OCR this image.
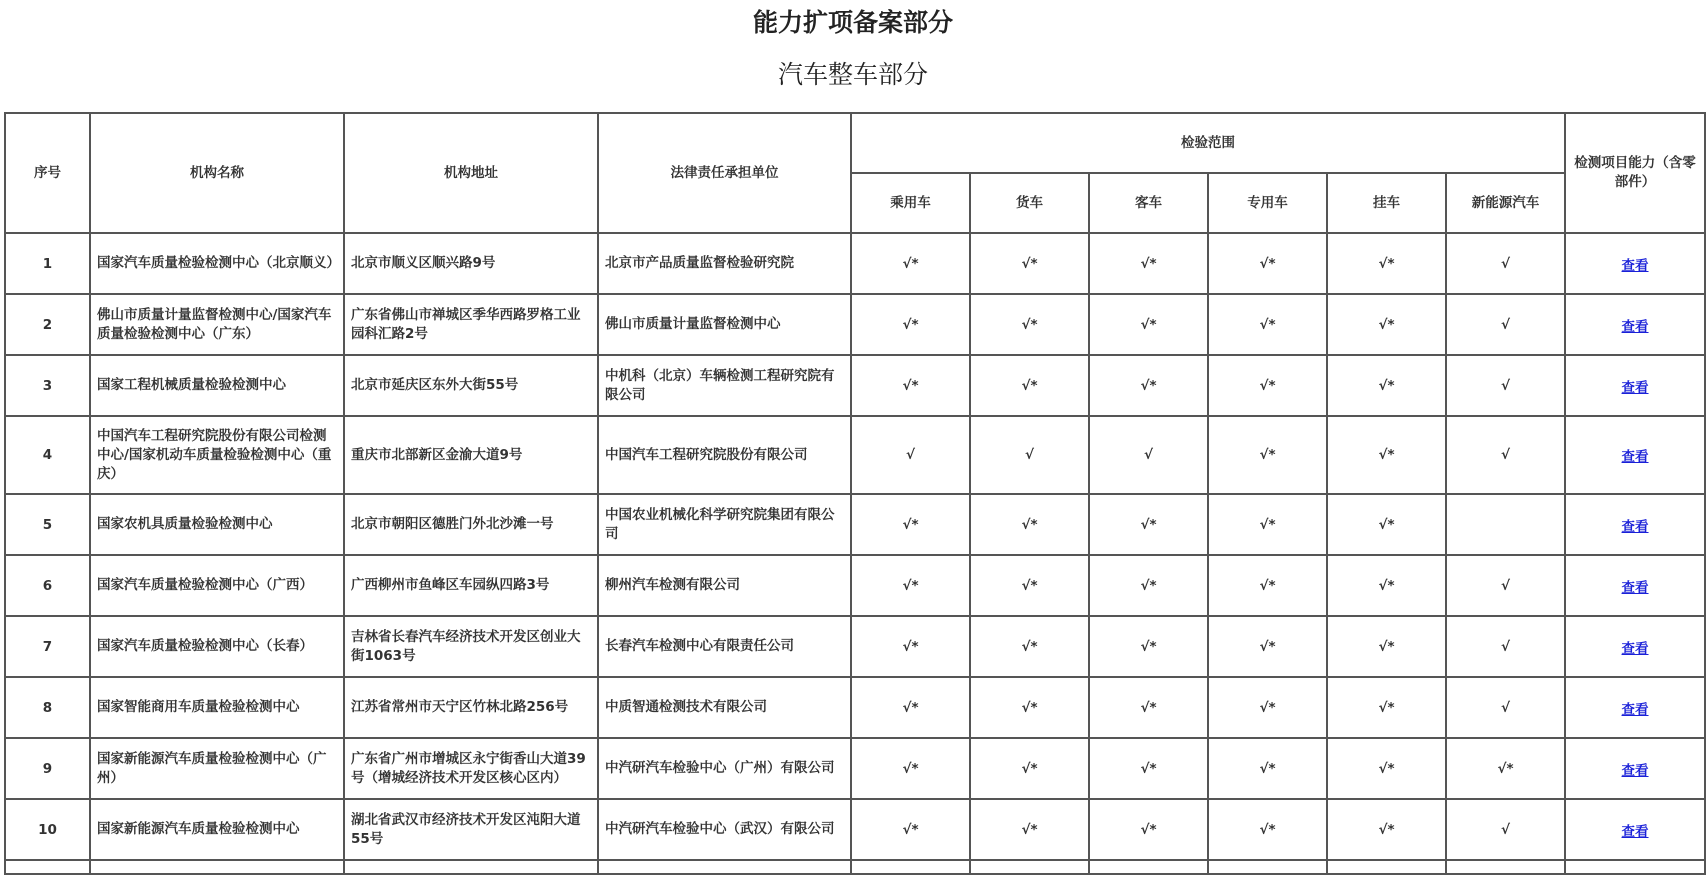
能力扩项备案部分
汽车整车部分
序号	机构名称	机构地址	法律责任承担单位	检验范围						检测项目能力（含零部件）
				乘用车	货车	客车	专用车	挂车	新能源汽车	
1	国家汽车质量检验检测中心（北京顺义）	北京市顺义区顺兴路9号	北京市产品质量监督检验研究院	√*	√*	√*	√*	√*	√	查看
2	佛山市质量计量监督检测中心/国家汽车质量检验检测中心（广东）	广东省佛山市禅城区季华西路罗格工业园科汇路2号	佛山市质量计量监督检测中心	√*	√*	√*	√*	√*	√	查看
3	国家工程机械质量检验检测中心	北京市延庆区东外大街55号	中机科（北京）车辆检测工程研究院有限公司	√*	√*	√*	√*	√*	√	查看
4	中国汽车工程研究院股份有限公司检测中心/国家机动车质量检验检测中心（重庆）	重庆市北部新区金渝大道9号	中国汽车工程研究院股份有限公司	√	√	√	√*	√*	√	查看
5	国家农机具质量检验检测中心	北京市朝阳区德胜门外北沙滩一号	中国农业机械化科学研究院集团有限公司	√*	√*	√*	√*	√*		查看
6	国家汽车质量检验检测中心（广西）	广西柳州市鱼峰区车园纵四路3号	柳州汽车检测有限公司	√*	√*	√*	√*	√*	√	查看
7	国家汽车质量检验检测中心（长春）	吉林省长春汽车经济技术开发区创业大街1063号	长春汽车检测中心有限责任公司	√*	√*	√*	√*	√*	√	查看
8	国家智能商用车质量检验检测中心	江苏省常州市天宁区竹林北路256号	中质智通检测技术有限公司	√*	√*	√*	√*	√*	√	查看
9	国家新能源汽车质量检验检测中心（广州）	广东省广州市增城区永宁街香山大道39号（增城经济技术开发区核心区内）	中汽研汽车检验中心（广州）有限公司	√*	√*	√*	√*	√*	√*	查看
10	国家新能源汽车质量检验检测中心	湖北省武汉市经济技术开发区沌阳大道55号	中汽研汽车检验中心（武汉）有限公司	√*	√*	√*	√*	√*	√	查看
